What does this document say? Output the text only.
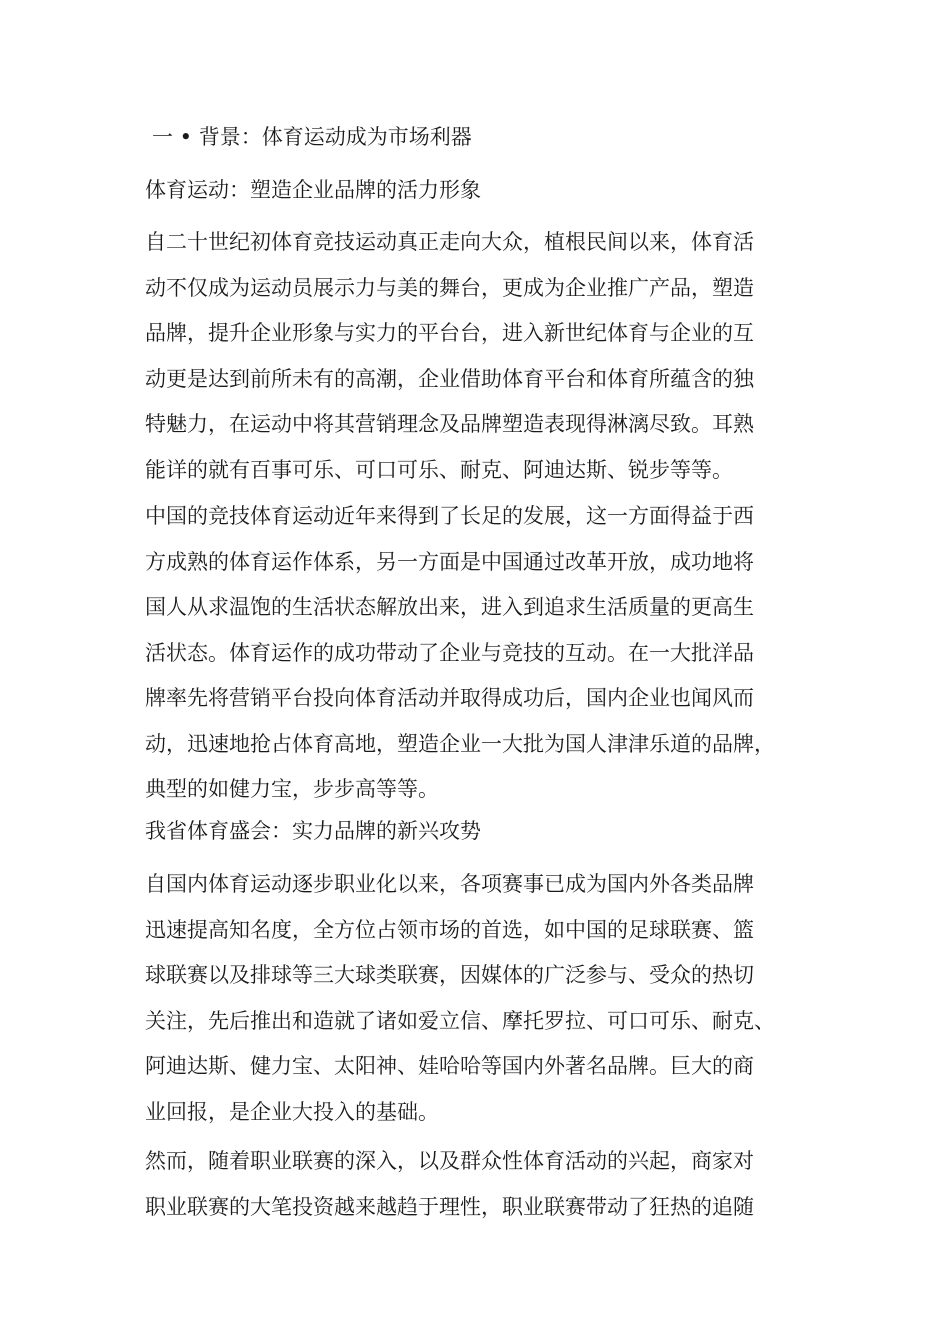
一 • 背景：体育运动成为市场利器
体育运动：塑造企业品牌的活力形象
自二十世纪初体育竞技运动真正走向大众，植根民间以来，体育活
动不仅成为运动员展示力与美的舞台，更成为企业推广产品，塑造
品牌，提升企业形象与实力的平台台，进入新世纪体育与企业的互
动更是达到前所未有的高潮，企业借助体育平台和体育所蕴含的独
特魅力，在运动中将其营销理念及品牌塑造表现得淋漓尽致。耳熟
能详的就有百事可乐、可口可乐、耐克、阿迪达斯、锐步等等。
中国的竞技体育运动近年来得到了长足的发展，这一方面得益于西
方成熟的体育运作体系，另一方面是中国通过改革开放，成功地将
国人从求温饱的生活状态解放出来，进入到追求生活质量的更高生
活状态。体育运作的成功带动了企业与竞技的互动。在一大批洋品
牌率先将营销平台投向体育活动并取得成功后，国内企业也闻风而
动，迅速地抢占体育高地，塑造企业一大批为国人津津乐道的品牌，
典型的如健力宝，步步高等等。
我省体育盛会：实力品牌的新兴攻势
自国内体育运动逐步职业化以来，各项赛事已成为国内外各类品牌
迅速提高知名度，全方位占领市场的首选，如中国的足球联赛、篮
球联赛以及排球等三大球类联赛，因媒体的广泛参与、受众的热切
关注，先后推出和造就了诸如爱立信、摩托罗拉、可口可乐、耐克、
阿迪达斯、健力宝、太阳神、娃哈哈等国内外著名品牌。巨大的商
业回报，是企业大投入的基础。
然而，随着职业联赛的深入，以及群众性体育活动的兴起，商家对
职业联赛的大笔投资越来越趋于理性，职业联赛带动了狂热的追随
